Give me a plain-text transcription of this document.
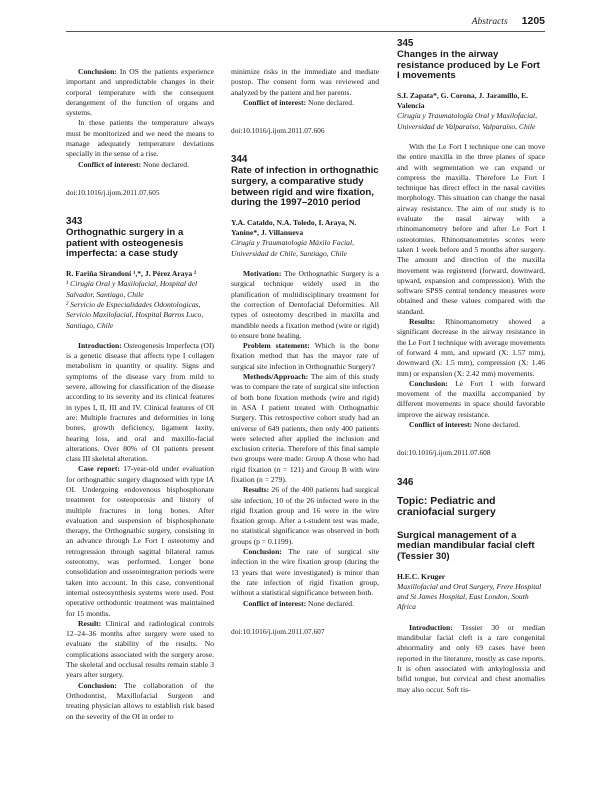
Abstracts 1205

Conclusion: In OS the patients experience important and unpredictable changes in their corporal temperature with the consequent derangement of the function of organs and systems.

In these patients the temperature always must be monitorized and we need the means to manage adequately temperature deviations specially in the sense of a rise.

Conflict of interest: None declared.

doi:10.1016/j.ijom.2011.07.605

343
Orthognathic surgery in a patient with osteogenesis imperfecta: a case study

R. Fariña Sirandoni ¹,*, J. Pérez Araya ²

¹ Cirugía Oral y Maxilofacial, Hospital del Salvador, Santiago, Chile

² Servicio de Especialidades Odontologicas, Servicio Maxilofacial, Hospital Barros Luco, Santiago, Chile

Introduction: Osteogenesis Imperfecta (OI) is a genetic disease that affects type I collagen metabolism in quantity or quality. Signs and symptoms of the disease vary from mild to severe, allowing for classification of the disease according to its severity and its clinical features in types I, II, III and IV. Clinical features of OI are: Multiple fractures and deformities in long bones, growth deficiency, ligament laxity, hearing loss, and oral and maxillo-facial alterations. Over 80% of OI patients present class III skeletal alteration.

Case report: 17-year-old under evaluation for orthognathic surgery diagnosed with type IA OI. Undergoing endovenous bisphosphonate treatment for osteoporosis and history of multiple fractures in long bones. After evaluation and suspension of bisphosphonate therapy, the Orthognathic surgery, consisting in an advance through Le Fort I osteotomy and retrogression through sagittal bilateral ramus osteotomy, was performed. Longer bone consolidation and osseointegration periods were taken into account. In this case, conventional internal osteosynthesis systems were used. Post operative orthodontic treatment was maintained for 15 months.

Result: Clinical and radiological controls 12–24–36 months after surgery were used to evaluate the stability of the results. No complications associated with the surgery arose. The skeletal and occlusal results remain stable 3 years after surgery.

Conclusion: The collaboration of the Orthodontist, Maxillofacial Surgeon and treating physician allows to establish risk based on the severity of the OI in order to

minimize risks in the immediate and mediate postop. The consent form was reviewed and analyzed by the patient and her parents.

Conflict of interest: None declared.

doi:10.1016/j.ijom.2011.07.606

344
Rate of infection in orthognathic surgery, a comparative study between rigid and wire fixation, during the 1997–2010 period

Y.A. Cataldo, N.A. Toledo, I. Araya, N. Yanine*, J. Villanueva

Cirugía y Traumatología Máxilo Facial, Universidad de Chile, Santiago, Chile

Motivation: The Orthognathic Surgery is a surgical technique widely used in the planification of multidisciplinary treatment for the correction of Dentofacial Deformities. All types of osteotomy described in maxilla and mandible needs a fixation method (wire or rigid) to ensure bone healing.

Problem statement: Which is the bone fixation method that has the mayor rate of surgical site infection in Orthognathic Surgery?

Methods/Approach: The aim of this study was to compare the rate of surgical site infection of both bone fixation methods (wire and rigid) in ASA I patient treated with Orthognathic Surgery. This retrospective cohort study had an universe of 649 patients, then only 400 patients were selected after applied the inclusion and exclusion criteria. Therefore of this final sample two groups were made: Group A those who had rigid fixation (n = 121) and Group B with wire fixation (n = 279).

Results: 26 of the 400 patients had surgical site infection, 10 of the 26 infected were in the rigid fixation group and 16 were in the wire fixation group. After a t-student test was made, no statistical significance was observed in both groups (p = 0.1199).

Conclusion: The rate of surgical site infection in the wire fixation group (during the 13 years that were investigated) is minor than the rate infection of rigid fixation group, without a statistical significance between both.

Conflict of interest: None declared.

doi:10.1016/j.ijom.2011.07.607

345
Changes in the airway resistance produced by Le Fort I movements

S.I. Zapata*, G. Corona, J. Jaramillo, E. Valencia

Cirugía y Traumatología Oral y Maxilofacial, Universidad de Valparaíso, Valparaíso, Chile

With the Le Fort I technique one can move the entire maxilla in the three planes of space and with segmentation we can expand or compress the maxilla. Therefore Le Fort I technique has direct effect in the nasal cavities morphology. This situation can change the nasal airway resistance. The aim of our study is to evaluate the nasal airway with a rhinomanometry before and after Le Fort I osteotomies. Rhinomanometries scores were taken 1 week before and 5 months after surgery. The amount and direction of the maxilla movement was registered (forward, downward, upward, expansion and compression). With the software SPSS central tendency measures were obtained and these values compared with the standard.

Results: Rhinomanometry showed a significant decrease in the airway resistance in the Le Fort I technique with average movements of forward 4 mm, and upward (X: 1.57 mm), downward (X: 1.5 mm), compression (X: 1.46 mm) or expansion (X: 2.42 mm) movements.

Conclusion: Le Fort I with forward movement of the maxilla accompanied by different movements in space should favorable improve the airway resistance.

Conflict of interest: None declared.

doi:10.1016/j.ijom.2011.07.608

346
Topic: Pediatric and craniofacial surgery
Surgical management of a median mandibular facial cleft (Tessier 30)

H.E.C. Kruger

Maxillofacial and Oral Surgery, Frere Hospital and St James Hospital, East London, South Africa

Introduction: Tessier 30 or median mandibular facial cleft is a rare congenital abnormality and only 69 cases have been reported in the literature, mostly as case reports. It is often associated with ankyloglossia and bifid tongue, but cervical and chest anomalies may also occur. Soft tis-
